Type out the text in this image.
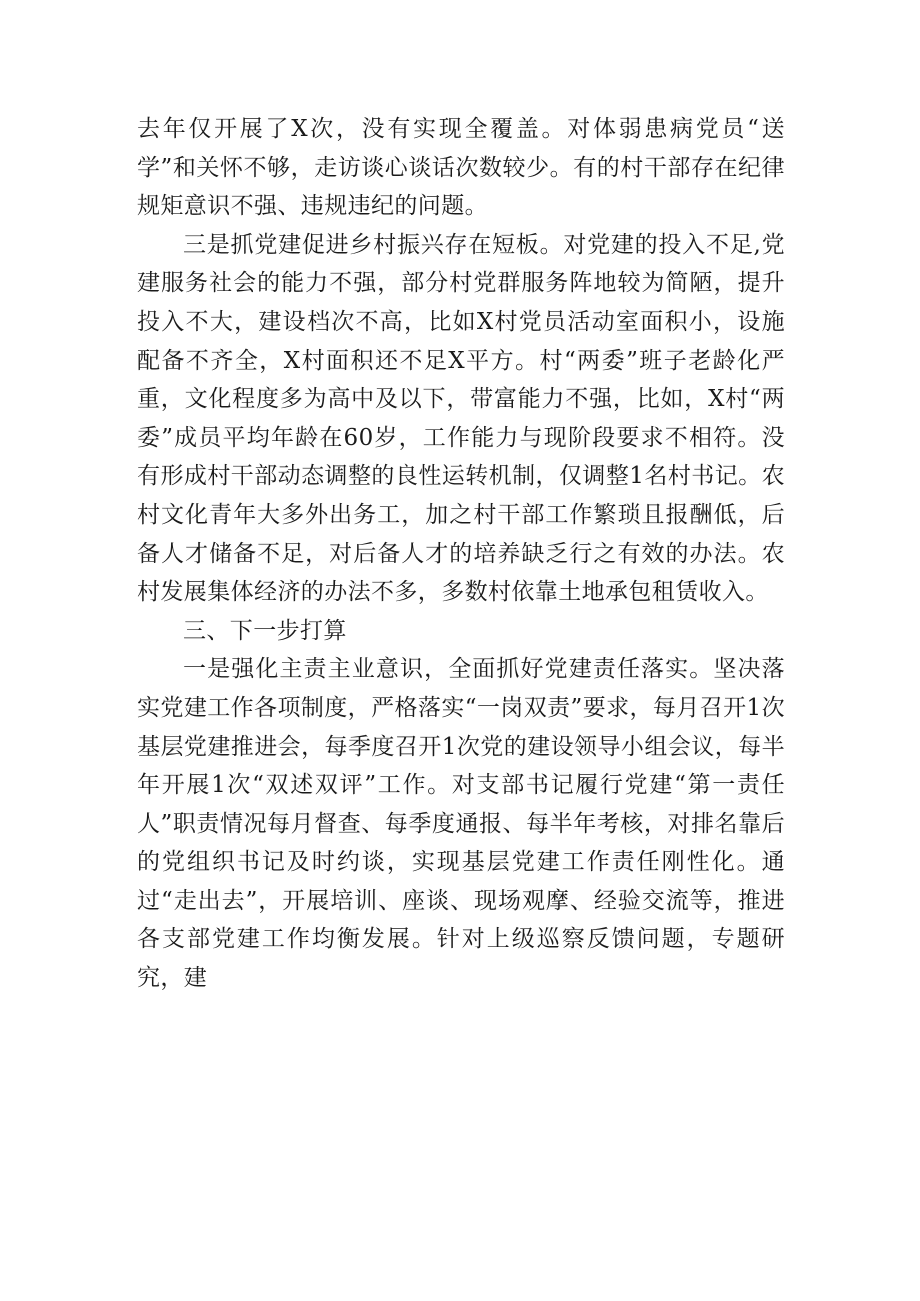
去年仅开展了X次，没有实现全覆盖。对体弱患病党员“送学”和关怀不够，走访谈心谈话次数较少。有的村干部存在纪律规矩意识不强、违规违纪的问题。

三是抓党建促进乡村振兴存在短板。对党建的投入不足,党建服务社会的能力不强，部分村党群服务阵地较为简陋，提升投入不大，建设档次不高，比如X村党员活动室面积小，设施配备不齐全，X村面积还不足X平方。村“两委”班子老龄化严重，文化程度多为高中及以下，带富能力不强，比如，X村“两委”成员平均年龄在60岁，工作能力与现阶段要求不相符。没有形成村干部动态调整的良性运转机制，仅调整1名村书记。农村文化青年大多外出务工，加之村干部工作繁琐且报酬低，后备人才储备不足，对后备人才的培养缺乏行之有效的办法。农村发展集体经济的办法不多，多数村依靠土地承包租赁收入。

三、下一步打算

一是强化主责主业意识，全面抓好党建责任落实。坚决落实党建工作各项制度，严格落实“一岗双责”要求，每月召开1次基层党建推进会，每季度召开1次党的建设领导小组会议，每半年开展1次“双述双评”工作。对支部书记履行党建“第一责任人”职责情况每月督查、每季度通报、每半年考核，对排名靠后的党组织书记及时约谈，实现基层党建工作责任刚性化。通过“走出去”，开展培训、座谈、现场观摩、经验交流等，推进各支部党建工作均衡发展。针对上级巡察反馈问题，专题研究，建
